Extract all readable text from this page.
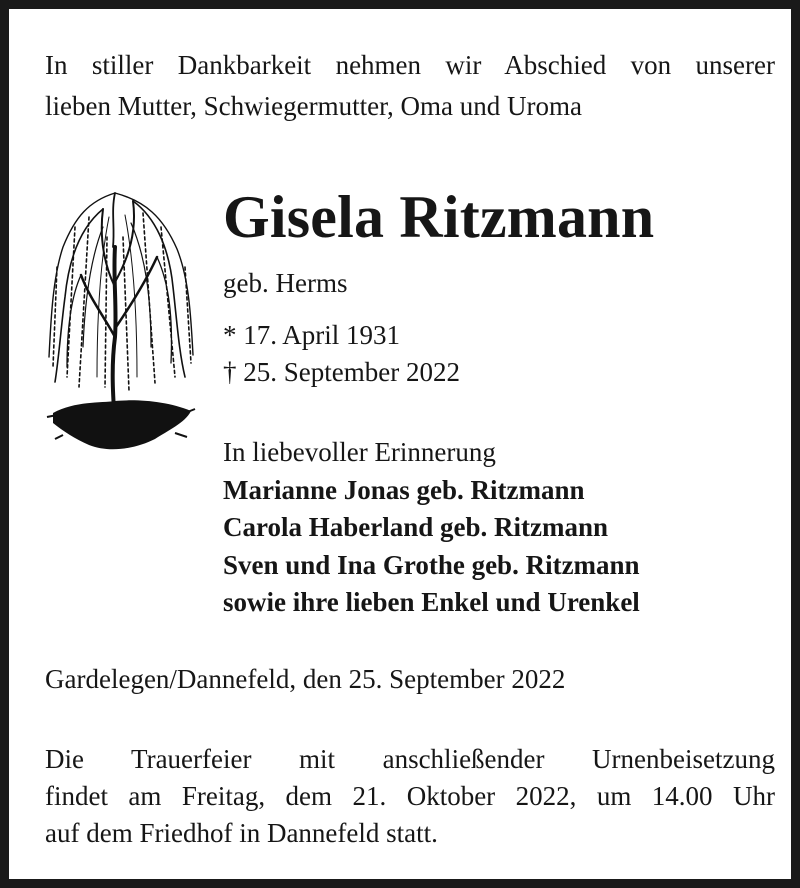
In stiller Dankbarkeit nehmen wir Abschied von unserer
lieben Mutter, Schwiegermutter, Oma und Uroma
Gisela Ritzmann
geb. Herms
* 17. April 1931
† 25. September 2022
In liebevoller Erinnerung
Marianne Jonas geb. Ritzmann
Carola Haberland geb. Ritzmann
Sven und Ina Grothe geb. Ritzmann
sowie ihre lieben Enkel und Urenkel
Gardelegen/Dannefeld, den 25. September 2022
Die Trauerfeier mit anschließender Urnenbeisetzung
findet am Freitag, dem 21. Oktober 2022, um 14.00 Uhr
auf dem Friedhof in Dannefeld statt.
